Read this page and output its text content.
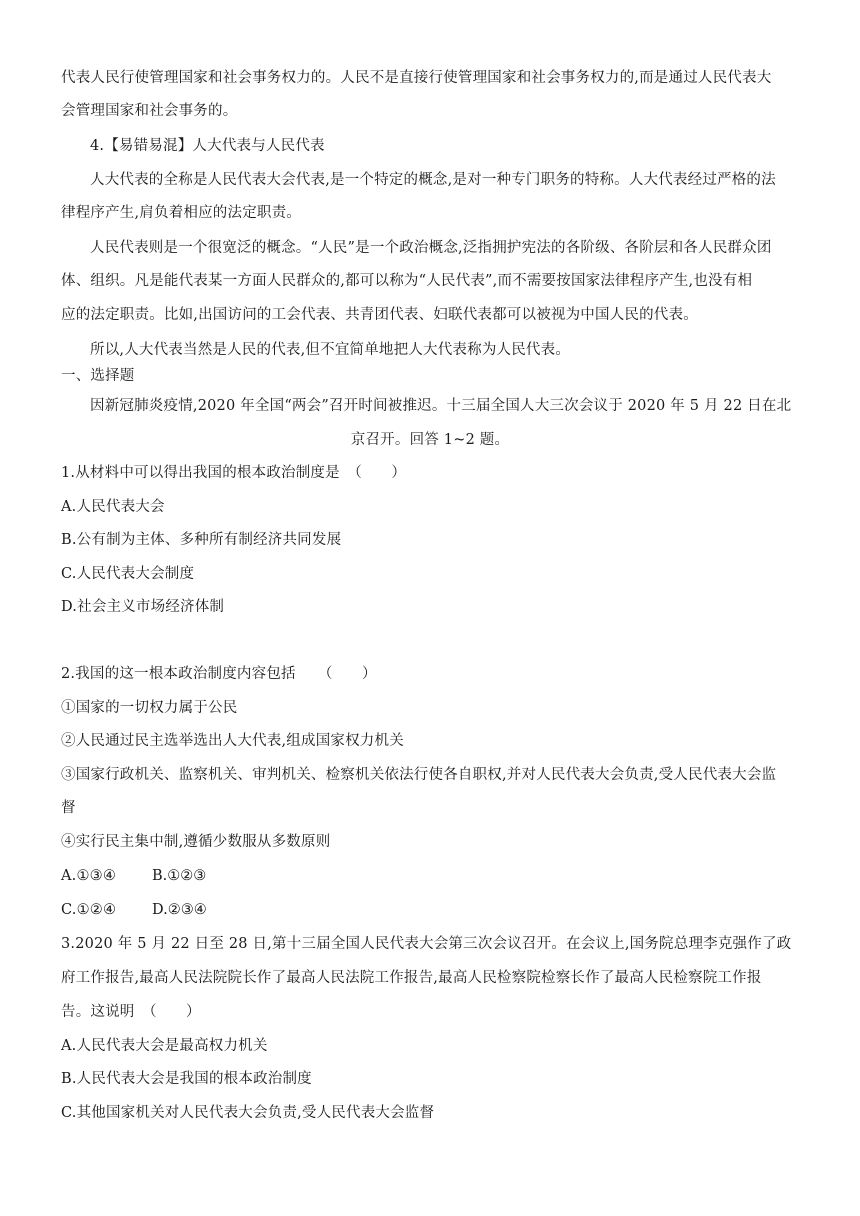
代表人民行使管理国家和社会事务权力的。人民不是直接行使管理国家和社会事务权力的,而是通过人民代表大
会管理国家和社会事务的。
4.【易错易混】人大代表与人民代表
人大代表的全称是人民代表大会代表,是一个特定的概念,是对一种专门职务的特称。人大代表经过严格的法
律程序产生,肩负着相应的法定职责。
人民代表则是一个很宽泛的概念。“人民”是一个政治概念,泛指拥护宪法的各阶级、各阶层和各人民群众团
体、组织。凡是能代表某一方面人民群众的,都可以称为“人民代表”,而不需要按国家法律程序产生,也没有相
应的法定职责。比如,出国访问的工会代表、共青团代表、妇联代表都可以被视为中国人民的代表。
所以,人大代表当然是人民的代表,但不宜简单地把人大代表称为人民代表。
一、选择题
因新冠肺炎疫情,2020 年全国“两会”召开时间被推迟。十三届全国人大三次会议于 2020 年 5 月 22 日在北
京召开。回答 1~2 题。
1.从材料中可以得出我国的根本政治制度是　（　　）
A.人民代表大会
B.公有制为主体、多种所有制经济共同发展
C.人民代表大会制度
D.社会主义市场经济体制
2.我国的这一根本政治制度内容包括　　（　　）
①国家的一切权力属于公民
②人民通过民主选举选出人大代表,组成国家权力机关
③国家行政机关、监察机关、审判机关、检察机关依法行使各自职权,并对人民代表大会负责,受人民代表大会监
督
④实行民主集中制,遵循少数服从多数原则
A.①③④ B.①②③
C.①②④ D.②③④
3.2020 年 5 月 22 日至 28 日,第十三届全国人民代表大会第三次会议召开。在会议上,国务院总理李克强作了政
府工作报告,最高人民法院院长作了最高人民法院工作报告,最高人民检察院检察长作了最高人民检察院工作报
告。这说明　（　　）
A.人民代表大会是最高权力机关
B.人民代表大会是我国的根本政治制度
C.其他国家机关对人民代表大会负责,受人民代表大会监督
